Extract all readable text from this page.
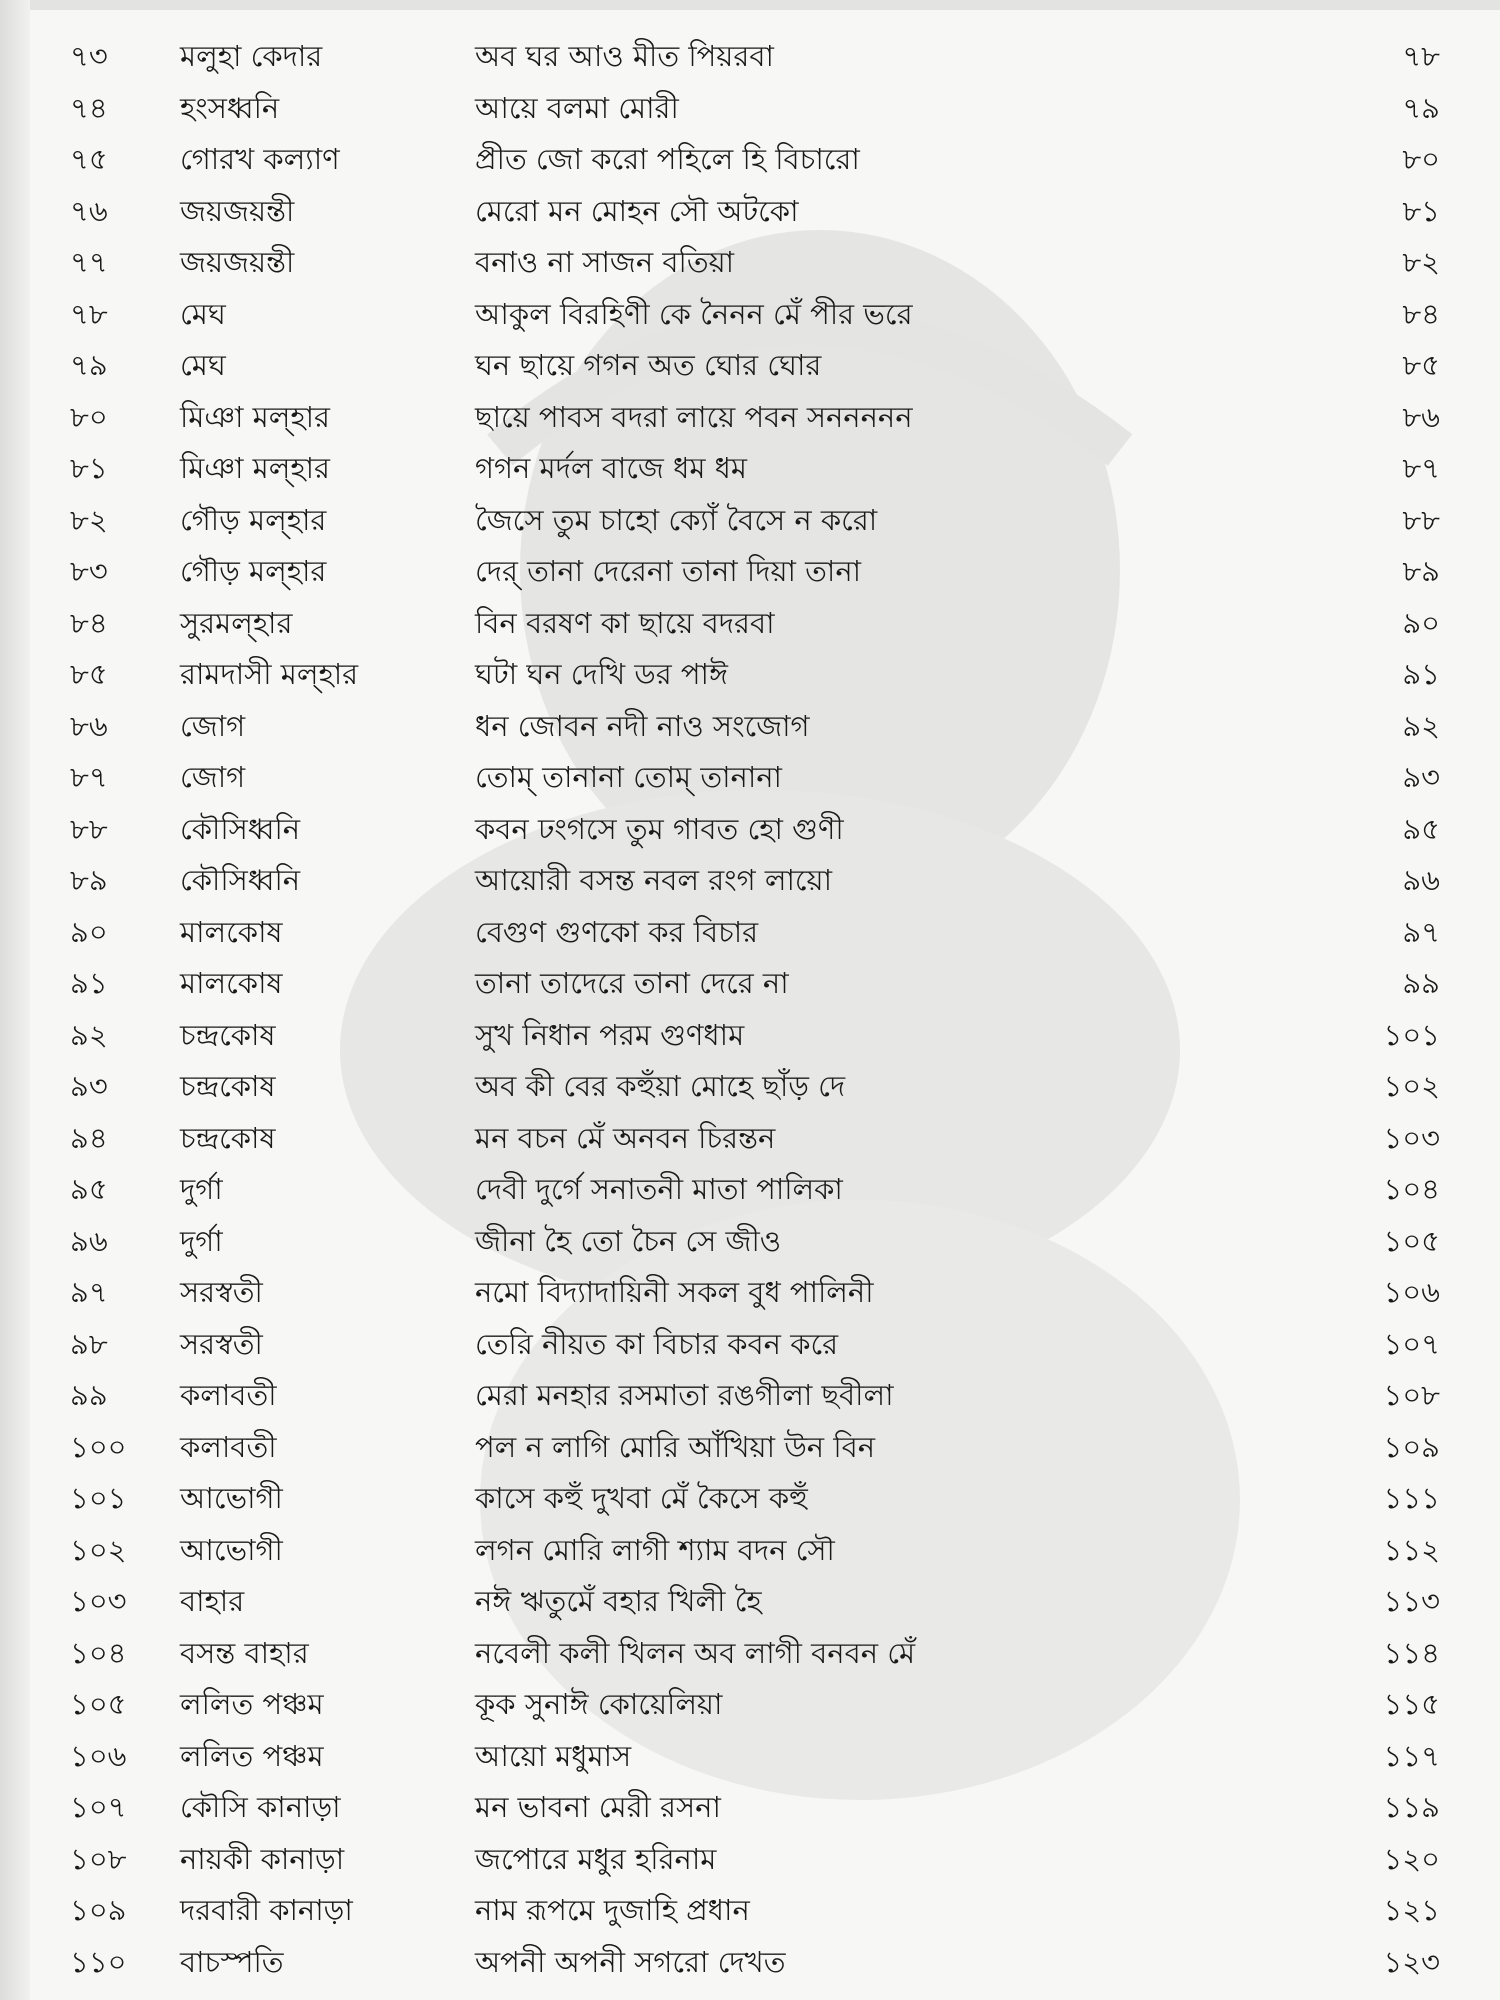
৭৩	মলুহা কেদার	অব ঘর আও মীত পিয়রবা	৭৮
৭৪	হংসধ্বনি	আয়ে বলমা মোরী	৭৯
৭৫	গোরখ কল্যাণ	প্রীত জো করো পহিলে হি বিচারো	৮০
৭৬	জয়জয়ন্তী	মেরো মন মোহন সৌ অটকো	৮১
৭৭	জয়জয়ন্তী	বনাও না সাজন বতিয়া	৮২
৭৮	মেঘ	আকুল বিরহিণী কে নৈনন মেঁ পীর ভরে	৮৪
৭৯	মেঘ	ঘন ছায়ে গগন অত ঘোর ঘোর	৮৫
৮০	মিঞা মল্হার	ছায়ে পাবস বদরা লায়ে পবন সননননন	৮৬
৮১	মিঞা মল্হার	গগন মর্দল বাজে ধম ধম	৮৭
৮২	গৌড় মল্হার	জৈসে তুম চাহো ক্যোঁ বৈসে ন করো	৮৮
৮৩	গৌড় মল্হার	দের্ তানা দেরেনা তানা দিয়া তানা	৮৯
৮৪	সুরমল্হার	বিন বরষণ কা ছায়ে বদরবা	৯০
৮৫	রামদাসী মল্হার	ঘটা ঘন দেখি ডর পাঈ	৯১
৮৬	জোগ	ধন জোবন নদী নাও সংজোগ	৯২
৮৭	জোগ	তোম্ তানানা তোম্ তানানা	৯৩
৮৮	কৌসিধ্বনি	কবন ঢংগসে তুম গাবত হো গুণী	৯৫
৮৯	কৌসিধ্বনি	আয়োরী বসন্ত নবল রংগ লায়ো	৯৬
৯০	মালকোষ	বেগুণ গুণকো কর বিচার	৯৭
৯১	মালকোষ	তানা তাদেরে তানা দেরে না	৯৯
৯২	চন্দ্রকোষ	সুখ নিধান পরম গুণধাম	১০১
৯৩	চন্দ্রকোষ	অব কী বের কহুঁয়া মোহে ছাঁড় দে	১০২
৯৪	চন্দ্রকোষ	মন বচন মেঁ অনবন চিরন্তন	১০৩
৯৫	দুর্গা	দেবী দুর্গে সনাতনী মাতা পালিকা	১০৪
৯৬	দুর্গা	জীনা হৈ তো চৈন সে জীও	১০৫
৯৭	সরস্বতী	নমো বিদ্যাদায়িনী সকল বুধ পালিনী	১০৬
৯৮	সরস্বতী	তেরি নীয়ত কা বিচার কবন করে	১০৭
৯৯	কলাবতী	মেরা মনহার রসমাতা রঙগীলা ছবীলা	১০৮
১০০	কলাবতী	পল ন লাগি মোরি আঁখিয়া উন বিন	১০৯
১০১	আভোগী	কাসে কহুঁ দুখবা মেঁ কৈসে কহুঁ	১১১
১০২	আভোগী	লগন মোরি লাগী শ্যাম বদন সৌ	১১২
১০৩	বাহার	নঈ ঋতুমেঁ বহার খিলী হৈ	১১৩
১০৪	বসন্ত বাহার	নবেলী কলী খিলন অব লাগী বনবন মেঁ	১১৪
১০৫	ললিত পঞ্চম	কূক সুনাঈ কোয়েলিয়া	১১৫
১০৬	ললিত পঞ্চম	আয়ো মধুমাস	১১৭
১০৭	কৌসি কানাড়া	মন ভাবনা মেরী রসনা	১১৯
১০৮	নায়কী কানাড়া	জপোরে মধুর হরিনাম	১২০
১০৯	দরবারী কানাড়া	নাম রূপমে দুজাহি প্রধান	১২১
১১০	বাচস্পতি	অপনী অপনী সগরো দেখত	১২৩
